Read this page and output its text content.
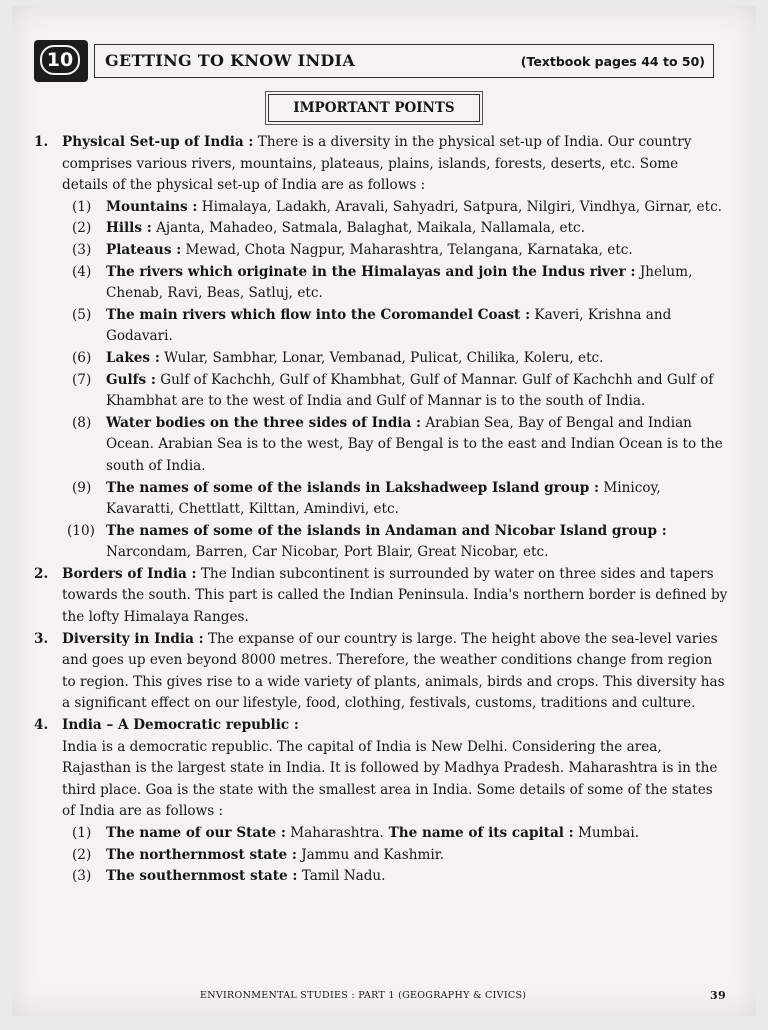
10	GETTING TO KNOW INDIA	(Textbook pages 44 to 50)
IMPORTANT POINTS

1. Physical Set-up of India : There is a diversity in the physical set-up of India. Our country comprises various rivers, mountains, plateaus, plains, islands, forests, deserts, etc. Some details of the physical set-up of India are as follows :

(1) Mountains : Himalaya, Ladakh, Aravali, Sahyadri, Satpura, Nilgiri, Vindhya, Girnar, etc.

(2) Hills : Ajanta, Mahadeo, Satmala, Balaghat, Maikala, Nallamala, etc.

(3) Plateaus : Mewad, Chota Nagpur, Maharashtra, Telangana, Karnataka, etc.

(4) The rivers which originate in the Himalayas and join the Indus river : Jhelum, Chenab, Ravi, Beas, Satluj, etc.

(5) The main rivers which flow into the Coromandel Coast : Kaveri, Krishna and Godavari.

(6) Lakes : Wular, Sambhar, Lonar, Vembanad, Pulicat, Chilika, Koleru, etc.

(7) Gulfs : Gulf of Kachchh, Gulf of Khambhat, Gulf of Mannar. Gulf of Kachchh and Gulf of Khambhat are to the west of India and Gulf of Mannar is to the south of India.

(8) Water bodies on the three sides of India : Arabian Sea, Bay of Bengal and Indian Ocean. Arabian Sea is to the west, Bay of Bengal is to the east and Indian Ocean is to the south of India.

(9) The names of some of the islands in Lakshadweep Island group : Minicoy, Kavaratti, Chettlatt, Kilttan, Amindivi, etc.

(10) The names of some of the islands in Andaman and Nicobar Island group : Narcondam, Barren, Car Nicobar, Port Blair, Great Nicobar, etc.

2. Borders of India : The Indian subcontinent is surrounded by water on three sides and tapers towards the south. This part is called the Indian Peninsula. India's northern border is defined by the lofty Himalaya Ranges.

3. Diversity in India : The expanse of our country is large. The height above the sea-level varies and goes up even beyond 8000 metres. Therefore, the weather conditions change from region to region. This gives rise to a wide variety of plants, animals, birds and crops. This diversity has a significant effect on our lifestyle, food, clothing, festivals, customs, traditions and culture.

4. India – A Democratic republic :

India is a democratic republic. The capital of India is New Delhi. Considering the area, Rajasthan is the largest state in India. It is followed by Madhya Pradesh. Maharashtra is in the third place. Goa is the state with the smallest area in India. Some details of some of the states of India are as follows :

(1) The name of our State : Maharashtra. The name of its capital : Mumbai.

(2) The northernmost state : Jammu and Kashmir.

(3) The southernmost state : Tamil Nadu.

ENVIRONMENTAL STUDIES : PART 1 (GEOGRAPHY & CIVICS)	39
